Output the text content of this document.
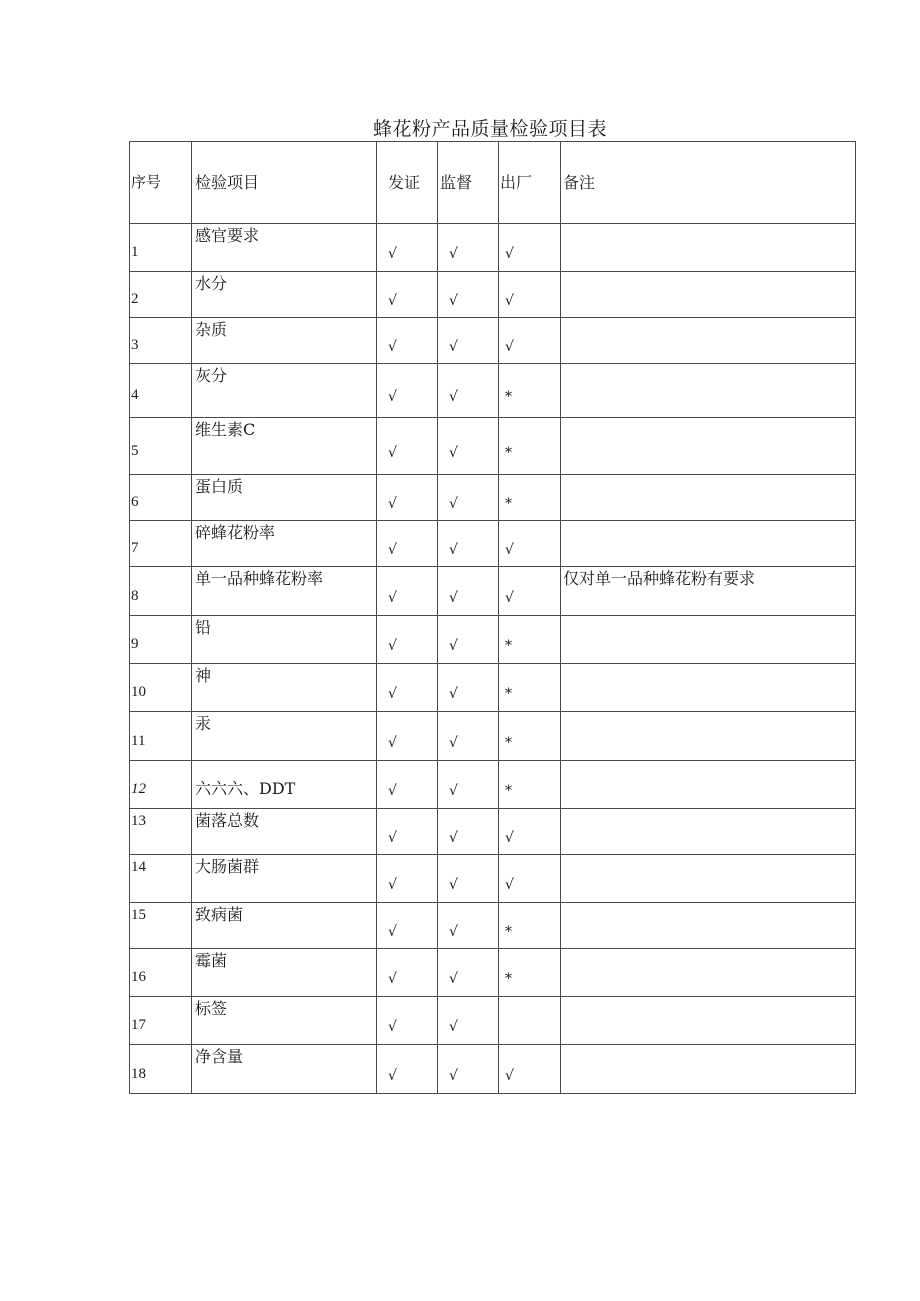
蜂花粉产品质量检验项目表
序号	检验项目	发证	监督	出厂	备注

1	感官要求	√	√	√	

2	水分	√	√	√	

3	杂质	√	√	√	

4	灰分	√	√	*	

5	维生素C	√	√	*	

6	蛋白质	√	√	*	

7	碎蜂花粉率	√	√	√	

8	单一品种蜂花粉率	√	√	√	仅对单一品种蜂花粉有要求

9	铅	√	√	*	

10	神	√	√	*	

11	汞	√	√	*	

12	六六六、DDT	√	√	*	

13	菌落总数	√	√	√	

14	大肠菌群	√	√	√	

15	致病菌	√	√	*	

16	霉菌	√	√	*	

17	标签	√	√		

18	净含量	√	√	√	
